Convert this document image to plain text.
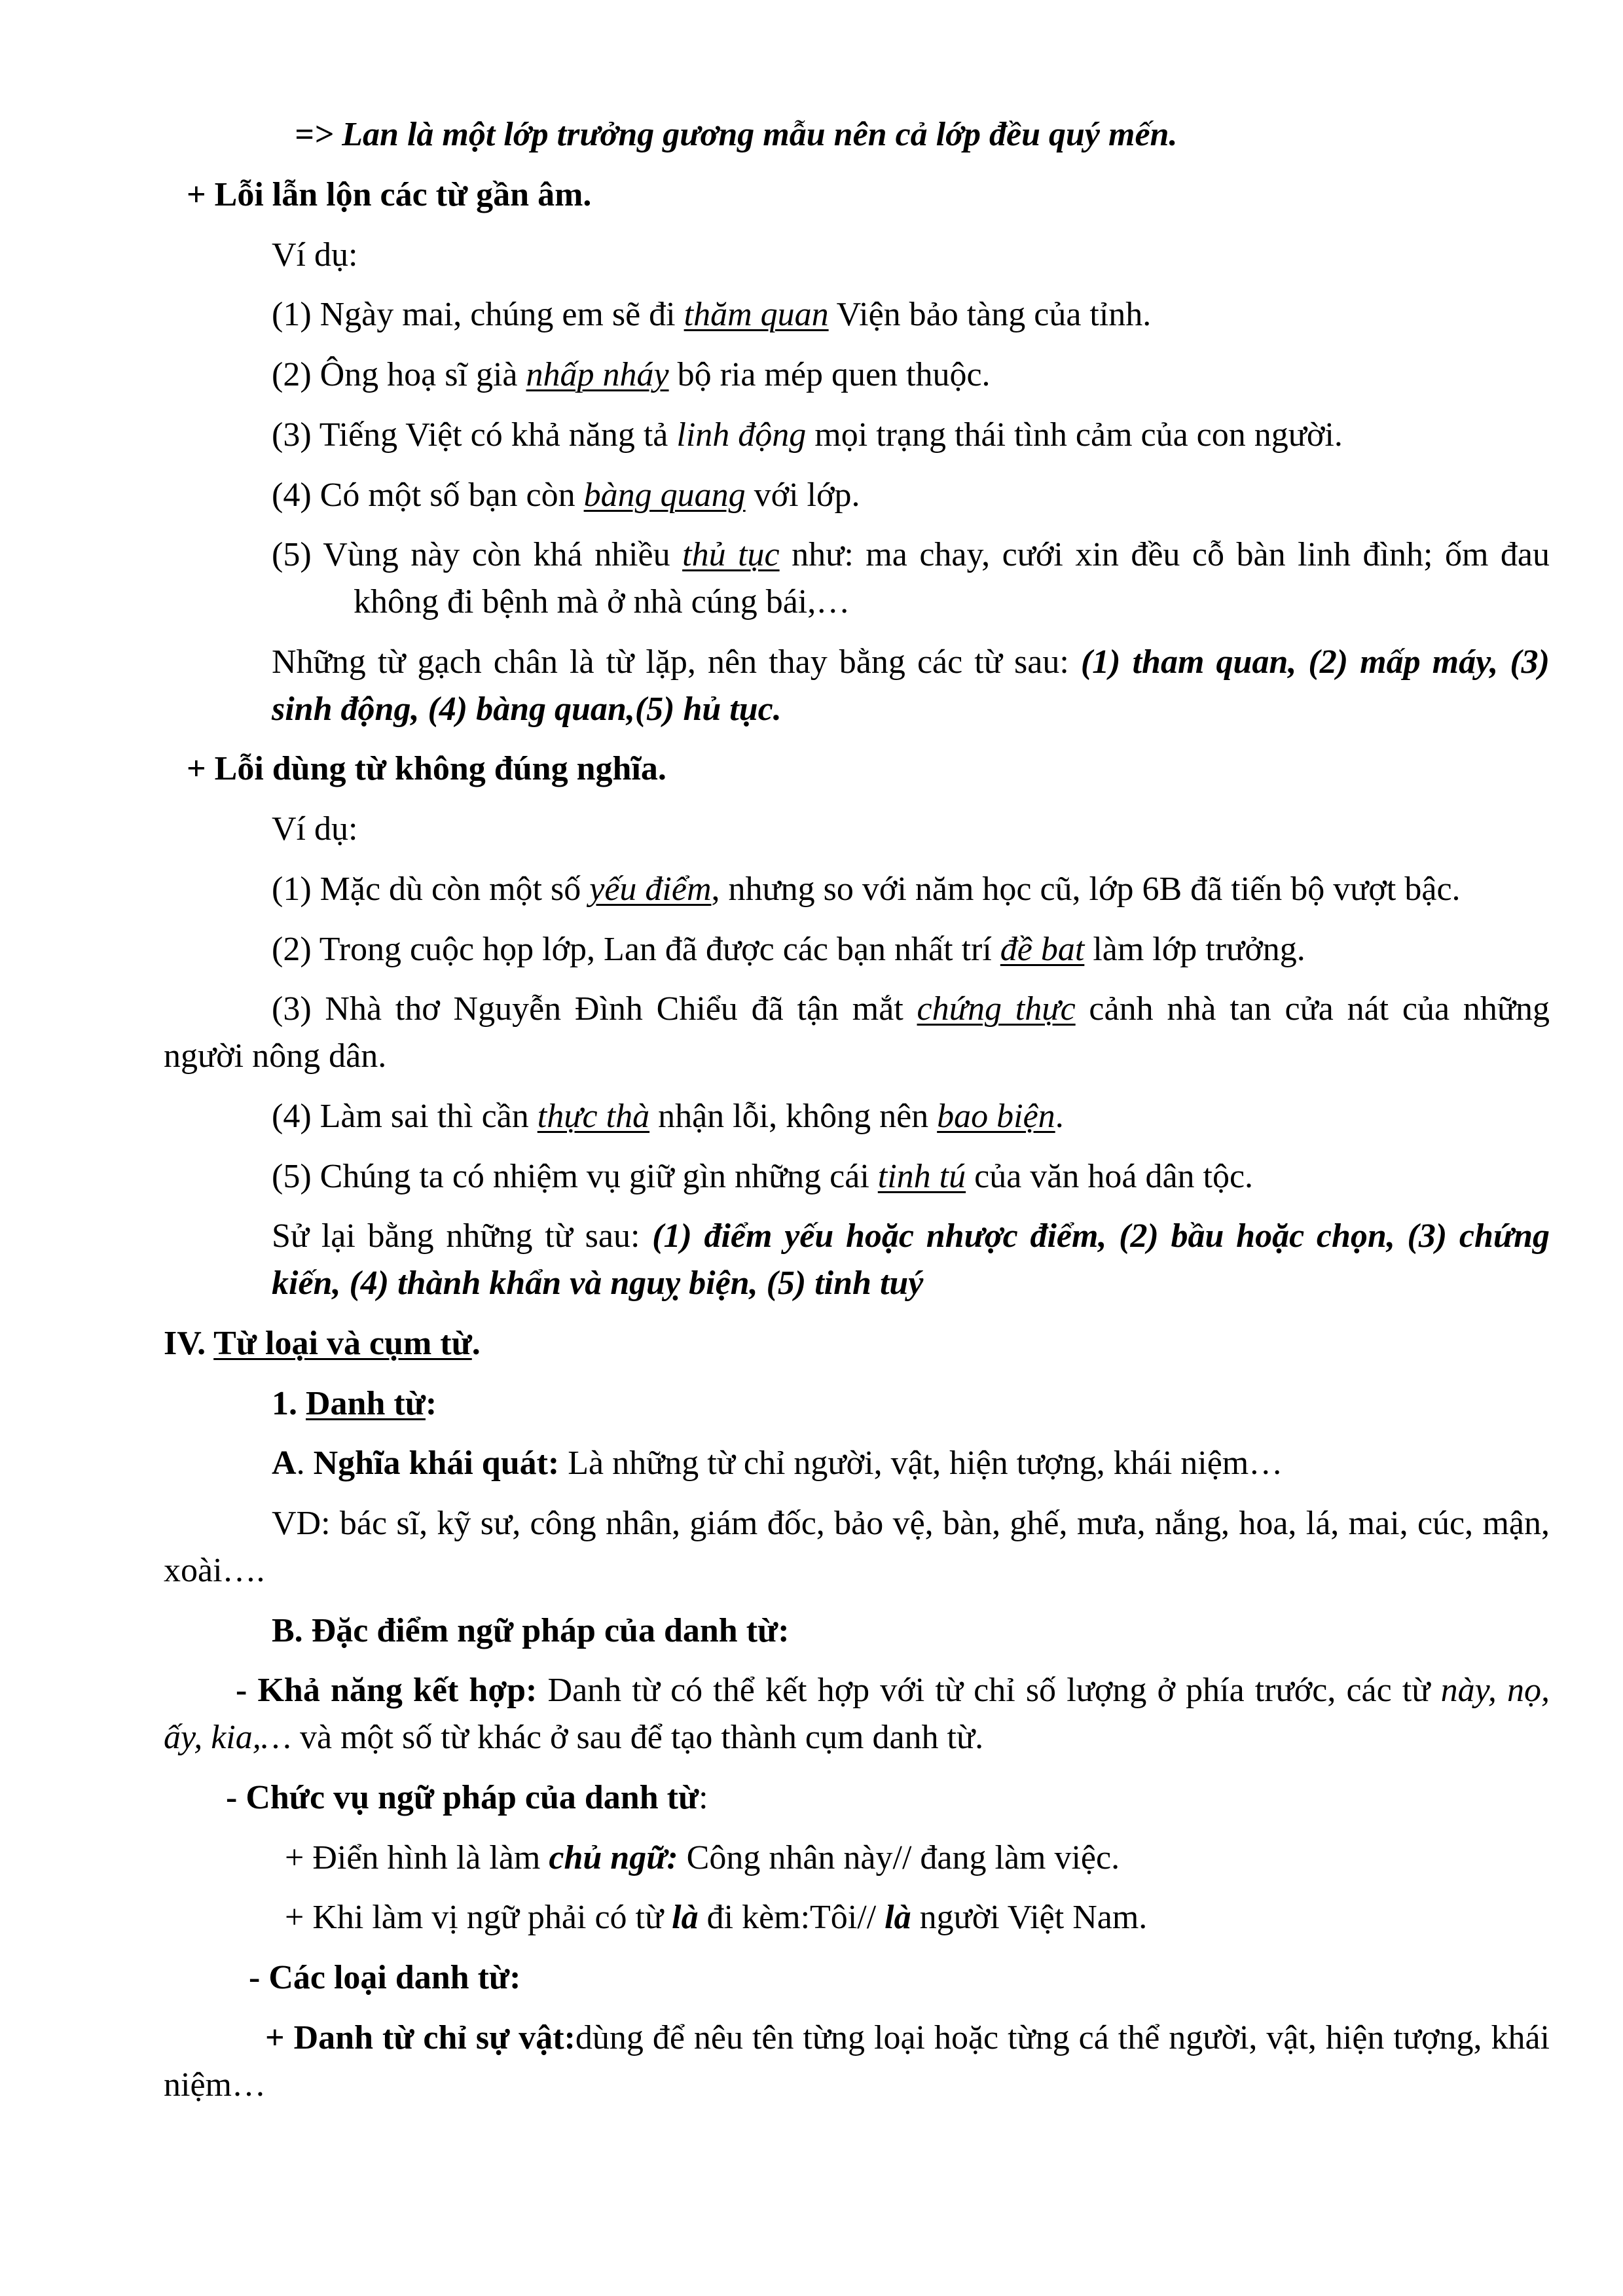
=> Lan là một lớp trưởng gương mẫu nên cả lớp đều quý mến.

+ Lỗi lẫn lộn các từ gần âm.

Ví dụ:

(1) Ngày mai, chúng em sẽ đi thăm quan Viện bảo tàng của tỉnh.

(2) Ông hoạ sĩ già nhấp nháy bộ ria mép quen thuộc.

(3) Tiếng Việt có khả năng tả linh động mọi trạng thái tình cảm của con người.

(4) Có một số bạn còn bàng quang với lớp.

(5) Vùng này còn khá nhiều thủ tục như: ma chay, cưới xin đều cỗ bàn linh đình; ốm đau không đi bệnh mà ở nhà cúng bái,…

Những từ gạch chân là từ lặp, nên thay bằng các từ sau: (1) tham quan, (2) mấp máy, (3) sinh động, (4) bàng quan,(5) hủ tục.

+ Lỗi dùng từ không đúng nghĩa.

Ví dụ:

(1) Mặc dù còn một số yếu điểm, nhưng so với năm học cũ, lớp 6B đã tiến bộ vượt bậc.

(2) Trong cuộc họp lớp, Lan đã được các bạn nhất trí đề bat làm lớp trưởng.

(3) Nhà thơ Nguyễn Đình Chiểu đã tận mắt chứng thực cảnh nhà tan cửa nát của những người nông dân.

(4) Làm sai thì cần thực thà nhận lỗi, không nên bao biện.

(5) Chúng ta có nhiệm vụ giữ gìn những cái tinh tú của văn hoá dân tộc.

Sử lại bằng những từ sau: (1) điểm yếu hoặc nhược điểm, (2) bầu hoặc chọn, (3) chứng kiến, (4) thành khẩn và nguỵ biện, (5) tinh tuý

IV. Từ loại và cụm từ.

1. Danh từ:

A. Nghĩa khái quát: Là những từ chỉ người, vật, hiện tượng, khái niệm…

VD: bác sĩ, kỹ sư, công nhân, giám đốc, bảo vệ, bàn, ghế, mưa, nắng, hoa, lá, mai, cúc, mận, xoài….

B. Đặc điểm ngữ pháp của danh từ:

- Khả năng kết hợp: Danh từ có thể kết hợp với từ chỉ số lượng ở phía trước, các từ này, nọ, ấy, kia,… và một số từ khác ở sau để tạo thành cụm danh từ.

- Chức vụ ngữ pháp của danh từ:

+ Điển hình là làm chủ ngữ: Công nhân này// đang làm việc.

+ Khi làm vị ngữ phải có từ là đi kèm:Tôi// là người Việt Nam.

- Các loại danh từ:

+ Danh từ chỉ sự vật:dùng để nêu tên từng loại hoặc từng cá thể người, vật, hiện tượng, khái niệm…
